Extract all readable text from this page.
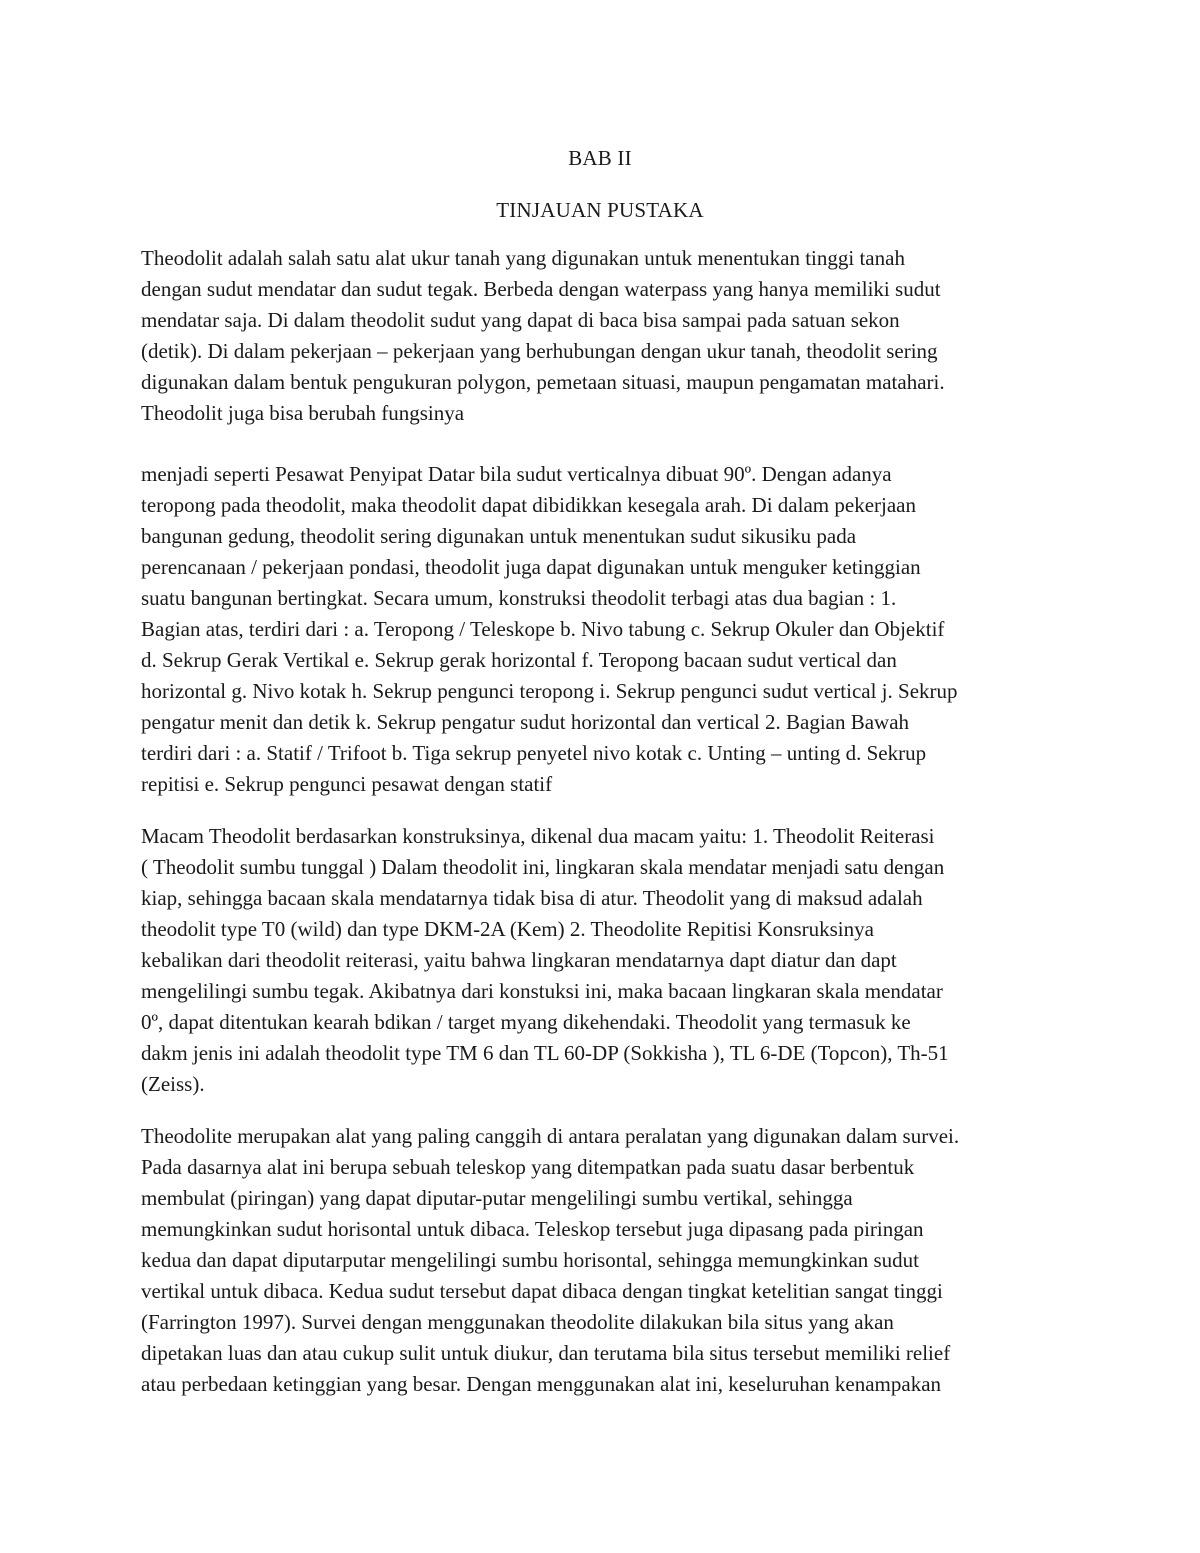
BAB II
TINJAUAN PUSTAKA
Theodolit adalah salah satu alat ukur tanah yang digunakan untuk menentukan tinggi tanah
dengan sudut mendatar dan sudut tegak. Berbeda dengan waterpass yang hanya memiliki sudut
mendatar saja. Di dalam theodolit sudut yang dapat di baca bisa sampai pada satuan sekon
(detik). Di dalam pekerjaan – pekerjaan yang berhubungan dengan ukur tanah, theodolit sering
digunakan dalam bentuk pengukuran polygon, pemetaan situasi, maupun pengamatan matahari.
Theodolit juga bisa berubah fungsinya
menjadi seperti Pesawat Penyipat Datar bila sudut verticalnya dibuat 90º. Dengan adanya
teropong pada theodolit, maka theodolit dapat dibidikkan kesegala arah. Di dalam pekerjaan
bangunan gedung, theodolit sering digunakan untuk menentukan sudut sikusiku pada
perencanaan / pekerjaan pondasi, theodolit juga dapat digunakan untuk menguker ketinggian
suatu bangunan bertingkat. Secara umum, konstruksi theodolit terbagi atas dua bagian : 1.
Bagian atas, terdiri dari : a. Teropong / Teleskope b. Nivo tabung c. Sekrup Okuler dan Objektif
d. Sekrup Gerak Vertikal e. Sekrup gerak horizontal f. Teropong bacaan sudut vertical dan
horizontal g. Nivo kotak h. Sekrup pengunci teropong i. Sekrup pengunci sudut vertical j. Sekrup
pengatur menit dan detik k. Sekrup pengatur sudut horizontal dan vertical 2. Bagian Bawah
terdiri dari : a. Statif / Trifoot b. Tiga sekrup penyetel nivo kotak c. Unting – unting d. Sekrup
repitisi e. Sekrup pengunci pesawat dengan statif
Macam Theodolit berdasarkan konstruksinya, dikenal dua macam yaitu: 1. Theodolit Reiterasi
( Theodolit sumbu tunggal ) Dalam theodolit ini, lingkaran skala mendatar menjadi satu dengan
kiap, sehingga bacaan skala mendatarnya tidak bisa di atur. Theodolit yang di maksud adalah
theodolit type T0 (wild) dan type DKM-2A (Kem) 2. Theodolite Repitisi Konsruksinya
kebalikan dari theodolit reiterasi, yaitu bahwa lingkaran mendatarnya dapt diatur dan dapt
mengelilingi sumbu tegak. Akibatnya dari konstuksi ini, maka bacaan lingkaran skala mendatar
0º, dapat ditentukan kearah bdikan / target myang dikehendaki. Theodolit yang termasuk ke
dakm jenis ini adalah theodolit type TM 6 dan TL 60-DP (Sokkisha ), TL 6-DE (Topcon), Th-51
(Zeiss).
Theodolite merupakan alat yang paling canggih di antara peralatan yang digunakan dalam survei.
Pada dasarnya alat ini berupa sebuah teleskop yang ditempatkan pada suatu dasar berbentuk
membulat (piringan) yang dapat diputar-putar mengelilingi sumbu vertikal, sehingga
memungkinkan sudut horisontal untuk dibaca. Teleskop tersebut juga dipasang pada piringan
kedua dan dapat diputarputar mengelilingi sumbu horisontal, sehingga memungkinkan sudut
vertikal untuk dibaca. Kedua sudut tersebut dapat dibaca dengan tingkat ketelitian sangat tinggi
(Farrington 1997). Survei dengan menggunakan theodolite dilakukan bila situs yang akan
dipetakan luas dan atau cukup sulit untuk diukur, dan terutama bila situs tersebut memiliki relief
atau perbedaan ketinggian yang besar. Dengan menggunakan alat ini, keseluruhan kenampakan
